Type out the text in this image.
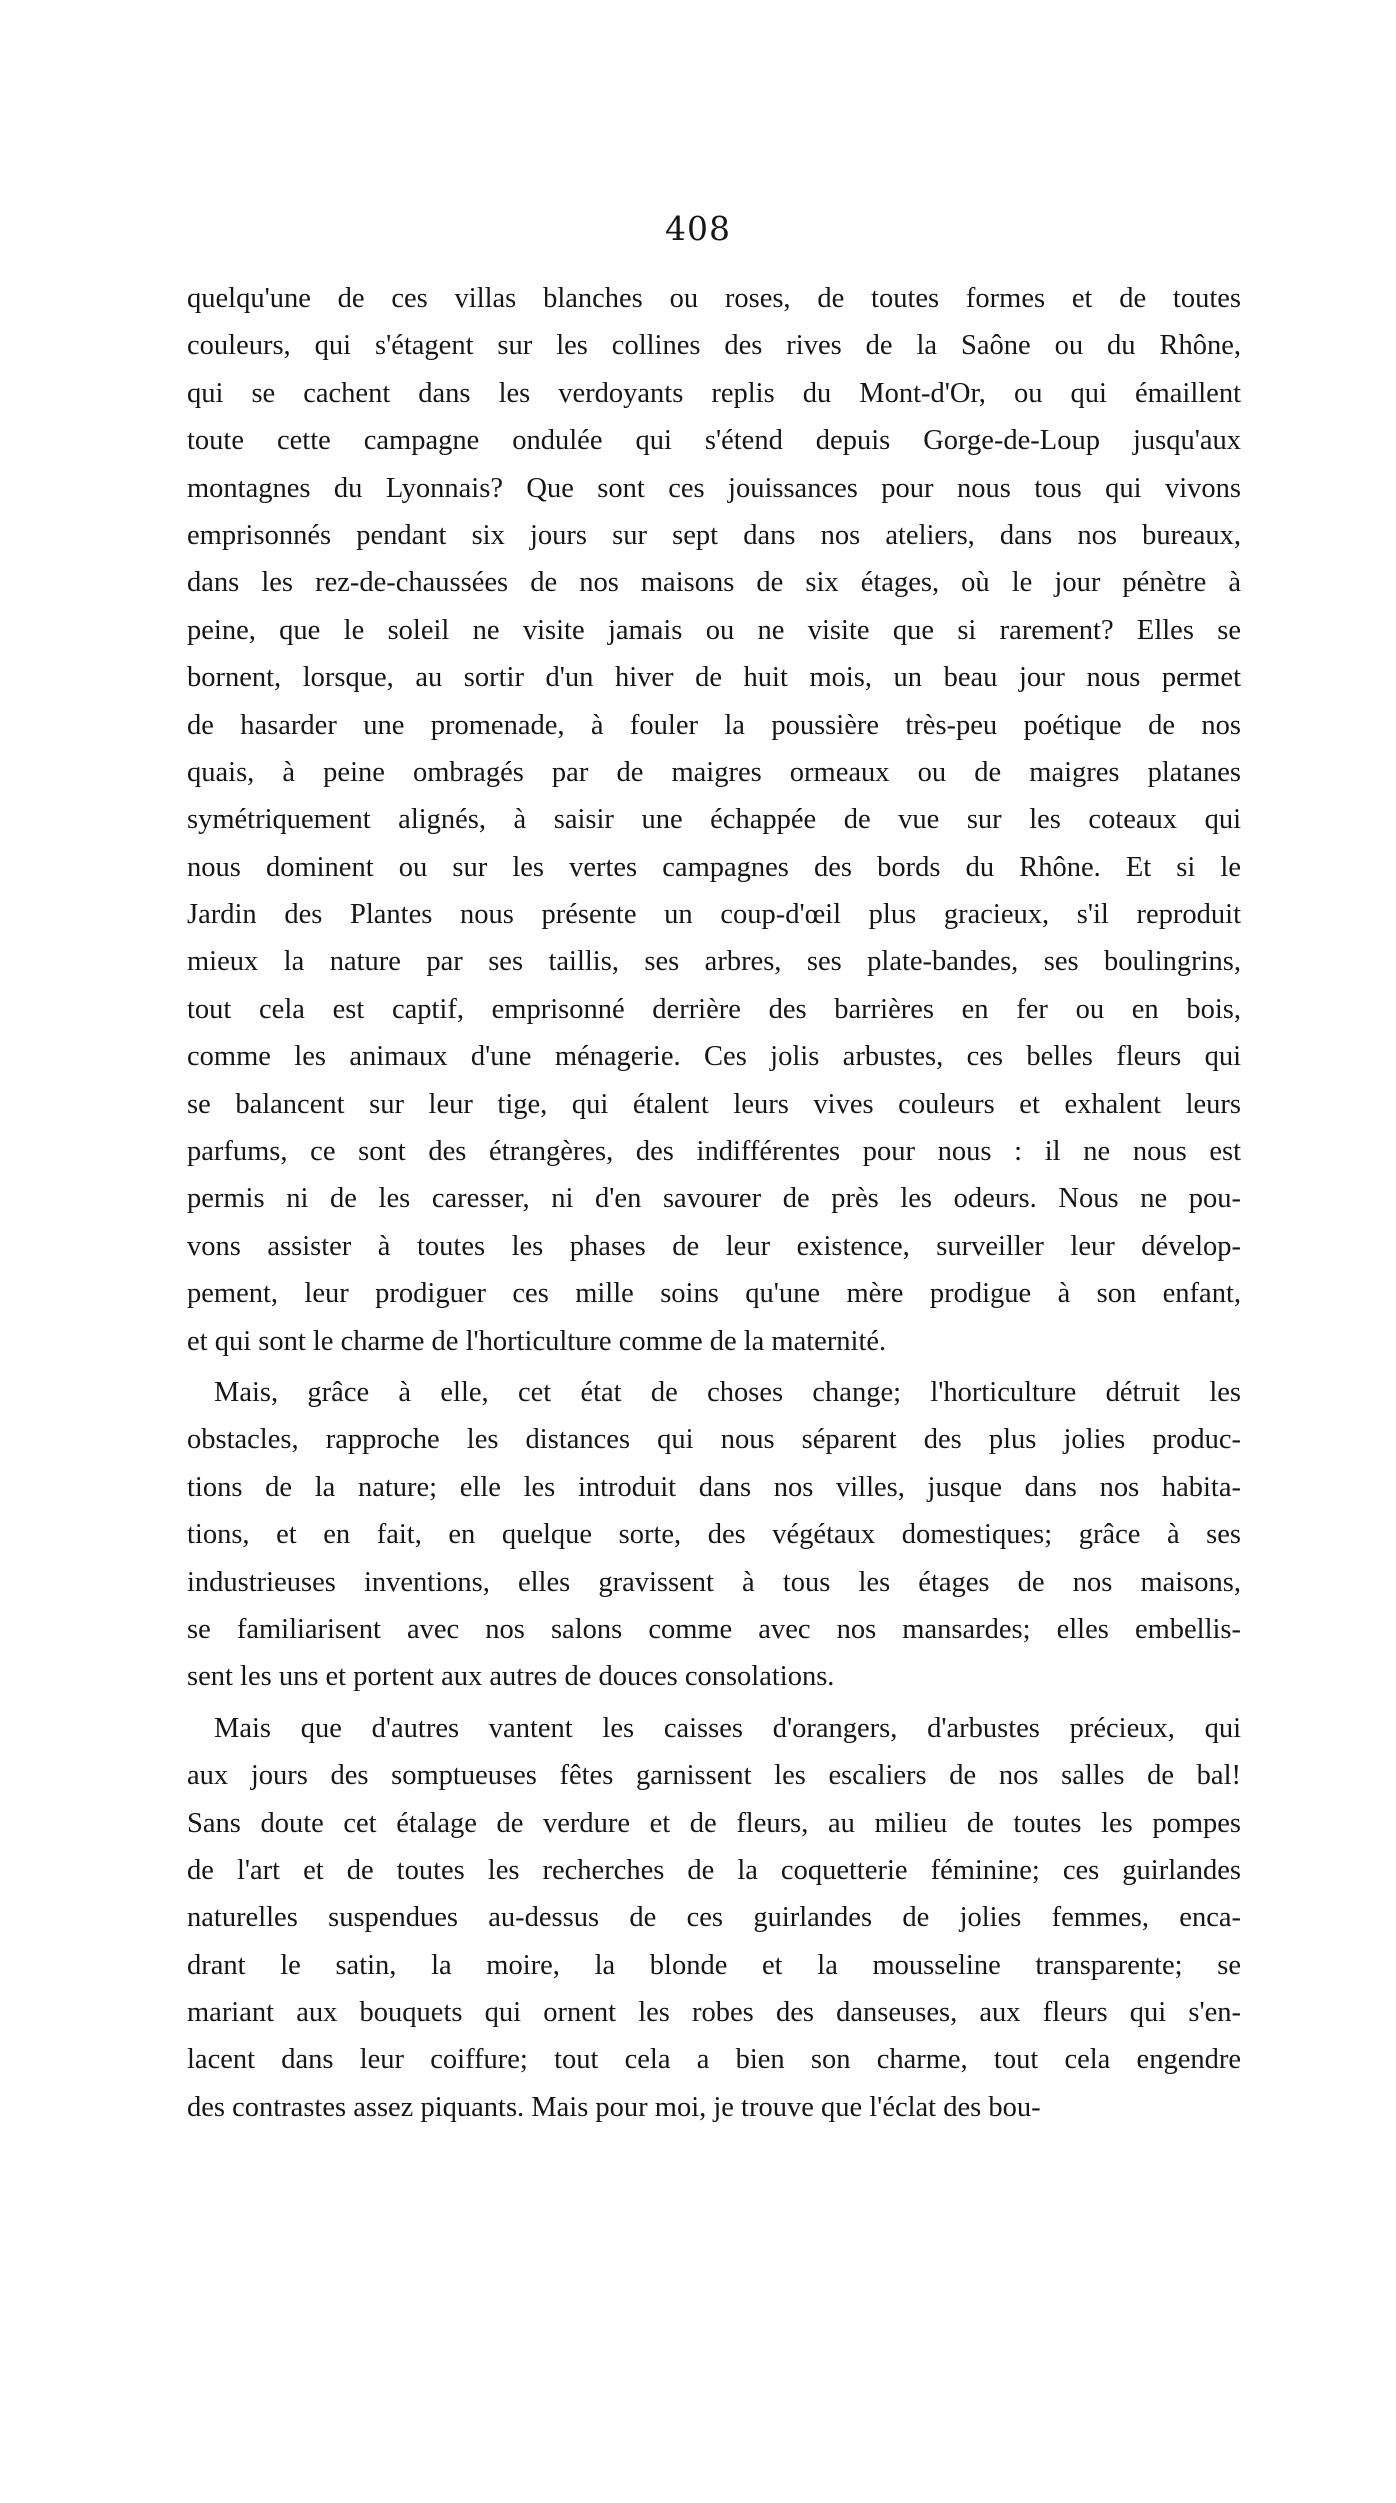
408
quelqu'une de ces villas blanches ou roses, de toutes formes et de toutes
couleurs, qui s'étagent sur les collines des rives de la Saône ou du Rhône,
qui se cachent dans les verdoyants replis du Mont-d'Or, ou qui émaillent
toute cette campagne ondulée qui s'étend depuis Gorge-de-Loup jusqu'aux
montagnes du Lyonnais? Que sont ces jouissances pour nous tous qui vivons
emprisonnés pendant six jours sur sept dans nos ateliers, dans nos bureaux,
dans les rez-de-chaussées de nos maisons de six étages, où le jour pénètre à
peine, que le soleil ne visite jamais ou ne visite que si rarement? Elles se
bornent, lorsque, au sortir d'un hiver de huit mois, un beau jour nous permet
de hasarder une promenade, à fouler la poussière très-peu poétique de nos
quais, à peine ombragés par de maigres ormeaux ou de maigres platanes
symétriquement alignés, à saisir une échappée de vue sur les coteaux qui
nous dominent ou sur les vertes campagnes des bords du Rhône. Et si le
Jardin des Plantes nous présente un coup-d'œil plus gracieux, s'il reproduit
mieux la nature par ses taillis, ses arbres, ses plate-bandes, ses boulingrins,
tout cela est captif, emprisonné derrière des barrières en fer ou en bois,
comme les animaux d'une ménagerie. Ces jolis arbustes, ces belles fleurs qui
se balancent sur leur tige, qui étalent leurs vives couleurs et exhalent leurs
parfums, ce sont des étrangères, des indifférentes pour nous : il ne nous est
permis ni de les caresser, ni d'en savourer de près les odeurs. Nous ne pou-
vons assister à toutes les phases de leur existence, surveiller leur dévelop-
pement, leur prodiguer ces mille soins qu'une mère prodigue à son enfant,
et qui sont le charme de l'horticulture comme de la maternité.
Mais, grâce à elle, cet état de choses change; l'horticulture détruit les
obstacles, rapproche les distances qui nous séparent des plus jolies produc-
tions de la nature; elle les introduit dans nos villes, jusque dans nos habita-
tions, et en fait, en quelque sorte, des végétaux domestiques; grâce à ses
industrieuses inventions, elles gravissent à tous les étages de nos maisons,
se familiarisent avec nos salons comme avec nos mansardes; elles embellis-
sent les uns et portent aux autres de douces consolations.
Mais que d'autres vantent les caisses d'orangers, d'arbustes précieux, qui
aux jours des somptueuses fêtes garnissent les escaliers de nos salles de bal!
Sans doute cet étalage de verdure et de fleurs, au milieu de toutes les pompes
de l'art et de toutes les recherches de la coquetterie féminine; ces guirlandes
naturelles suspendues au-dessus de ces guirlandes de jolies femmes, enca-
drant le satin, la moire, la blonde et la mousseline transparente; se
mariant aux bouquets qui ornent les robes des danseuses, aux fleurs qui s'en-
lacent dans leur coiffure; tout cela a bien son charme, tout cela engendre
des contrastes assez piquants. Mais pour moi, je trouve que l'éclat des bou-
